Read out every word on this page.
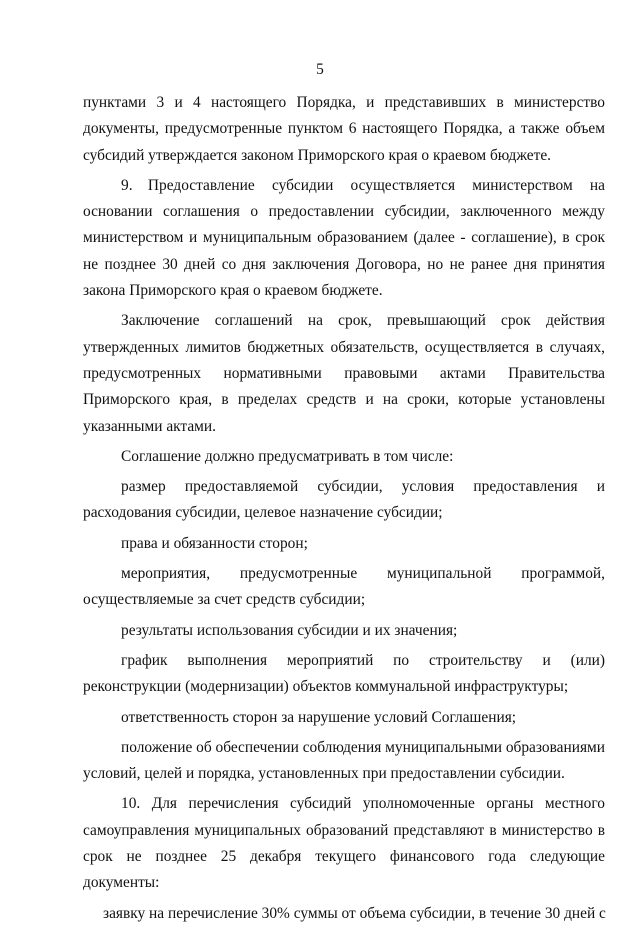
5

пунктами 3 и 4 настоящего Порядка, и представивших в министерство документы, предусмотренные пунктом 6 настоящего Порядка, а также объем субсидий утверждается законом Приморского края о краевом бюджете.

9. Предоставление субсидии осуществляется министерством на основании соглашения о предоставлении субсидии, заключенного между министерством и муниципальным образованием (далее - соглашение), в срок не позднее 30 дней со дня заключения Договора, но не ранее дня принятия закона Приморского края о краевом бюджете.

Заключение соглашений на срок, превышающий срок действия утвержденных лимитов бюджетных обязательств, осуществляется в случаях, предусмотренных нормативными правовыми актами Правительства Приморского края, в пределах средств и на сроки, которые установлены указанными актами.

Соглашение должно предусматривать в том числе:

размер предоставляемой субсидии, условия предоставления и расходования субсидии, целевое назначение субсидии;

права и обязанности сторон;

мероприятия, предусмотренные муниципальной программой, осуществляемые за счет средств субсидии;

результаты использования субсидии и их значения;

график выполнения мероприятий по строительству и (или) реконструкции (модернизации) объектов коммунальной инфраструктуры;

ответственность сторон за нарушение условий Соглашения;

положение об обеспечении соблюдения муниципальными образованиями условий, целей и порядка, установленных при предоставлении субсидии.

10. Для перечисления субсидий уполномоченные органы местного самоуправления муниципальных образований представляют в министерство в срок не позднее 25 декабря текущего финансового года следующие документы:

заявку на перечисление 30% суммы от объема субсидии, в течение 30 дней с
